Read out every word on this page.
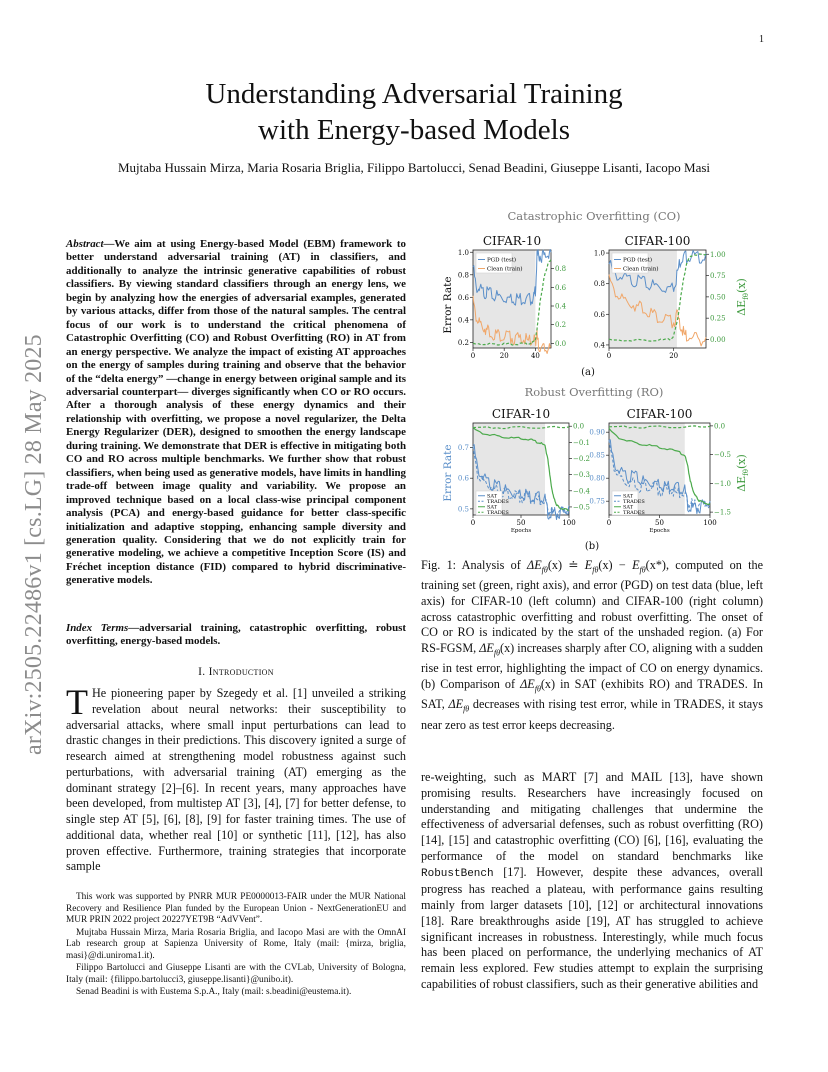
1
arXiv:2505.22486v1 [cs.LG] 28 May 2025
Understanding Adversarial Training
with Energy-based Models
Mujtaba Hussain Mirza, Maria Rosaria Briglia, Filippo Bartolucci, Senad Beadini, Giuseppe Lisanti, Iacopo Masi

Abstract—We aim at using Energy-based Model (EBM) framework to better understand adversarial training (AT) in classifiers, and additionally to analyze the intrinsic generative capabilities of robust classifiers. By viewing standard classifiers through an energy lens, we begin by analyzing how the energies of adversarial examples, generated by various attacks, differ from those of the natural samples. The central focus of our work is to understand the critical phenomena of Catastrophic Overfitting (CO) and Robust Overfitting (RO) in AT from an energy perspective. We analyze the impact of existing AT approaches on the energy of samples during training and observe that the behavior of the “delta energy” —change in energy between original sample and its adversarial counterpart— diverges significantly when CO or RO occurs. After a thorough analysis of these energy dynamics and their relationship with overfitting, we propose a novel regularizer, the Delta Energy Regularizer (DER), designed to smoothen the energy landscape during training. We demonstrate that DER is effective in mitigating both CO and RO across multiple benchmarks. We further show that robust classifiers, when being used as generative models, have limits in handling trade-off between image quality and variability. We propose an improved technique based on a local class-wise principal component analysis (PCA) and energy-based guidance for better class-specific initialization and adaptive stopping, enhancing sample diversity and generation quality. Considering that we do not explicitly train for generative modeling, we achieve a competitive Inception Score (IS) and Fréchet inception distance (FID) compared to hybrid discriminative-generative models.

Index Terms—adversarial training, catastrophic overfitting, robust overfitting, energy-based models.

I. Introduction
T He pioneering paper by Szegedy et al. [1] unveiled a striking revelation about neural networks: their susceptibility to adversarial attacks, where small input perturbations can lead to drastic changes in their predictions. This discovery ignited a surge of research aimed at strengthening model robustness against such perturbations, with adversarial training (AT) emerging as the dominant strategy [2]–[6]. In recent years, many approaches have been developed, from multistep AT [3], [4], [7] for better defense, to single step AT [5], [6], [8], [9] for faster training times. The use of additional data, whether real [10] or synthetic [11], [12], has also proven effective. Furthermore, training strategies that incorporate sample

This work was supported by PNRR MUR PE0000013-FAIR under the MUR National Recovery and Resilience Plan funded by the European Union - NextGenerationEU and MUR PRIN 2022 project 20227YET9B “AdVVent”.

Mujtaba Hussain Mirza, Maria Rosaria Briglia, and Iacopo Masi are with the OmnAI Lab research group at Sapienza University of Rome, Italy (mail: {mirza, briglia, masi}@di.uniroma1.it).

Filippo Bartolucci and Giuseppe Lisanti are with the CVLab, University of Bologna, Italy (mail: {filippo.bartolucci3, giuseppe.lisanti}@unibo.it).

Senad Beadini is with Eustema S.p.A., Italy (mail: s.beadini@eustema.it).

Catastrophic Overfitting (CO)
Robust Overfitting (RO)
(a)
(b)
Error Rate
Error Rate
$\Delta E_{f\theta}(x)$
$\Delta E_{f\theta}(x)$
CIFAR-10
0	20	40
0.2
0.4
0.6
0.8
1.0
0.0
0.2
0.4
0.6
0.8
PGD (test)
Clean (train)
CIFAR-100
0	20
0.4
0.6
0.8
1.0
0.00
0.25
0.50
0.75
1.00
PGD (test)
Clean (train)
CIFAR-10
0	50	100
Epochs
0.5
0.6
0.7
0.0
−0.1
−0.2
−0.3
−0.4
−0.5
SAT
TRADES
SAT
TRADES
CIFAR-100
0	50	100
Epochs
0.75
0.80
0.85
0.90
0.0
−0.5
−1.0
−1.5
SAT
TRADES
SAT
TRADES
Fig. 1: Analysis of $\Delta E_{f\theta}(x)$ ≐ $E_{f\theta}(x) - E_{f\theta}(x*)$, computed on the training set (green, right axis), and error (PGD) on test data (blue, left axis) for CIFAR-10 (left column) and CIFAR-100 (right column) across catastrophic overfitting and robust overfitting. The onset of CO or RO is indicated by the start of the unshaded region. (a) For RS-FGSM, $\Delta E_{f\theta}(x)$ increases sharply after CO, aligning with a sudden rise in test error, highlighting the impact of CO on energy dynamics. (b) Comparison of $\Delta E_{f\theta}(x)$ in SAT (exhibits RO) and TRADES. In SAT, $\Delta E_{f\theta}$ decreases with rising test error, while in TRADES, it stays near zero as test error keeps decreasing.
re-weighting, such as MART [7] and MAIL [13], have shown promising results. Researchers have increasingly focused on understanding and mitigating challenges that undermine the effectiveness of adversarial defenses, such as robust overfitting (RO) [14], [15] and catastrophic overfitting (CO) [6], [16], evaluating the performance of the model on standard benchmarks like RobustBench [17]. However, despite these advances, overall progress has reached a plateau, with performance gains resulting mainly from larger datasets [10], [12] or architectural innovations [18]. Rare breakthroughs aside [19], AT has struggled to achieve significant increases in robustness. Interestingly, while much focus has been placed on performance, the underlying mechanics of AT remain less explored. Few studies attempt to explain the surprising capabilities of robust classifiers, such as their generative abilities and
